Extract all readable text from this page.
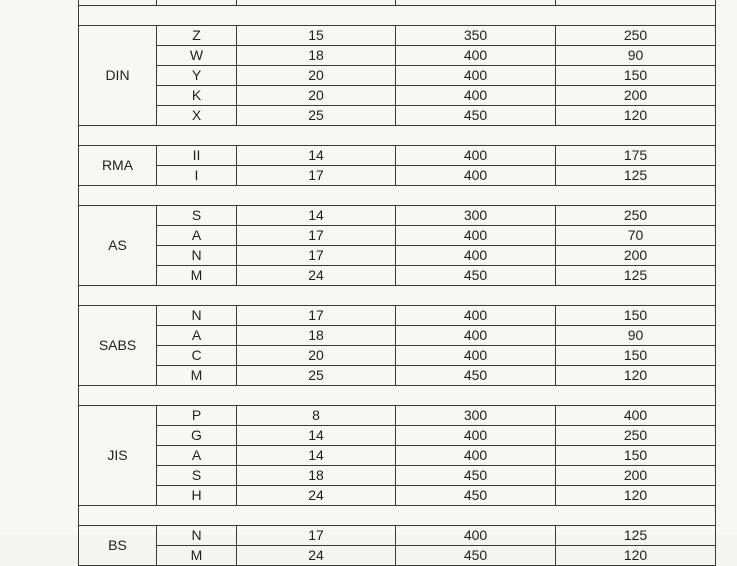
DIN	Z	15	350	250
	W	18	400	90
	Y	20	400	150
	K	20	400	200
	X	25	450	120

RMA	II	14	400	175
	I	17	400	125

AS	S	14	300	250
	A	17	400	70
	N	17	400	200
	M	24	450	125

SABS	N	17	400	150
	A	18	400	90
	C	20	400	150
	M	25	450	120

JIS	P	8	300	400
	G	14	400	250
	A	14	400	150
	S	18	450	200
	H	24	450	120

BS	N	17	400	125
	M	24	450	120
